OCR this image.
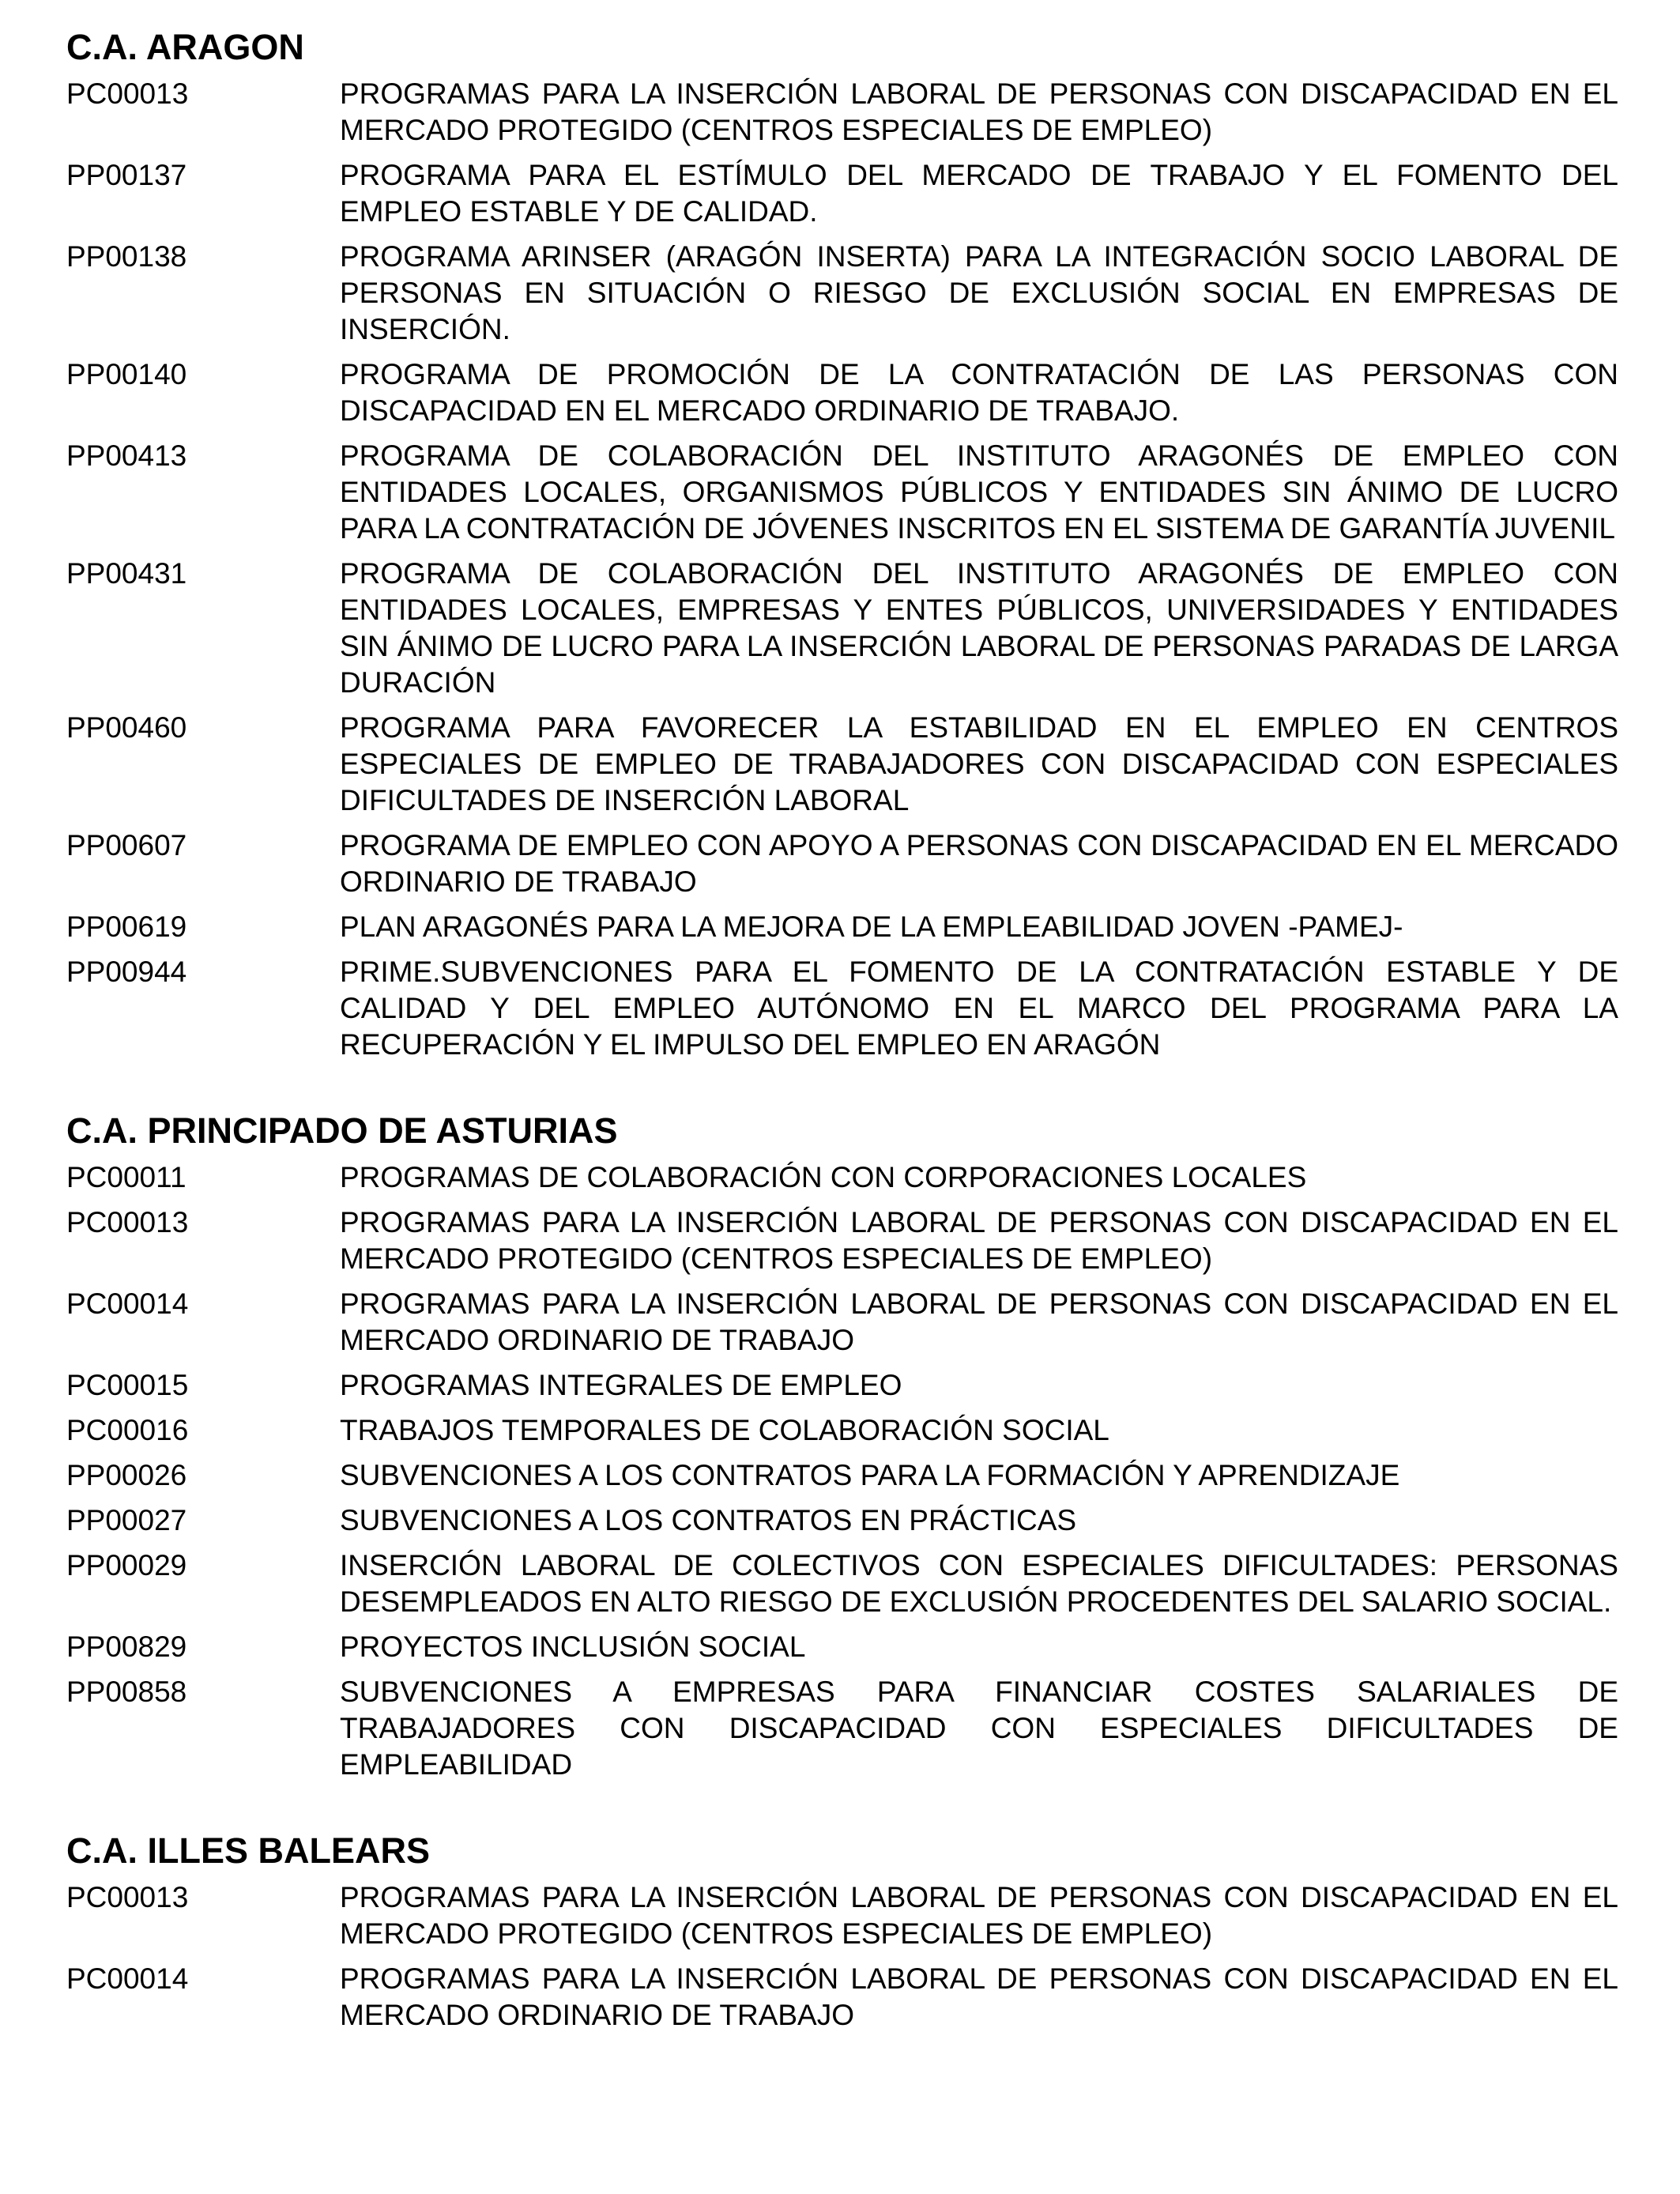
C.A. ARAGON
PC00013	PROGRAMAS PARA LA INSERCIÓN LABORAL DE PERSONAS CON DISCAPACIDAD EN EL MERCADO PROTEGIDO (CENTROS ESPECIALES DE EMPLEO)
PP00137	PROGRAMA PARA EL ESTÍMULO DEL MERCADO DE TRABAJO Y EL FOMENTO DEL EMPLEO ESTABLE Y DE CALIDAD.
PP00138	PROGRAMA ARINSER (ARAGÓN INSERTA) PARA LA INTEGRACIÓN SOCIO LABORAL DE PERSONAS EN SITUACIÓN O RIESGO DE EXCLUSIÓN SOCIAL EN EMPRESAS DE INSERCIÓN.
PP00140	PROGRAMA DE PROMOCIÓN DE LA CONTRATACIÓN DE LAS PERSONAS CON DISCAPACIDAD EN EL MERCADO ORDINARIO DE TRABAJO.
PP00413	PROGRAMA DE COLABORACIÓN DEL INSTITUTO ARAGONÉS DE EMPLEO CON ENTIDADES LOCALES, ORGANISMOS PÚBLICOS Y ENTIDADES SIN ÁNIMO DE LUCRO PARA LA CONTRATACIÓN DE JÓVENES INSCRITOS EN EL SISTEMA DE GARANTÍA JUVENIL
PP00431	PROGRAMA DE COLABORACIÓN DEL INSTITUTO ARAGONÉS DE EMPLEO CON ENTIDADES LOCALES, EMPRESAS Y ENTES PÚBLICOS, UNIVERSIDADES Y ENTIDADES SIN ÁNIMO DE LUCRO PARA LA INSERCIÓN LABORAL DE PERSONAS PARADAS DE LARGA DURACIÓN
PP00460	PROGRAMA PARA FAVORECER LA ESTABILIDAD EN EL EMPLEO EN CENTROS ESPECIALES DE EMPLEO DE TRABAJADORES CON DISCAPACIDAD CON ESPECIALES DIFICULTADES DE INSERCIÓN LABORAL
PP00607	PROGRAMA DE EMPLEO CON APOYO A PERSONAS CON DISCAPACIDAD EN EL MERCADO ORDINARIO DE TRABAJO
PP00619	PLAN ARAGONÉS PARA LA MEJORA DE LA EMPLEABILIDAD JOVEN -PAMEJ-
PP00944	PRIME.SUBVENCIONES PARA EL FOMENTO DE LA CONTRATACIÓN ESTABLE Y DE CALIDAD Y DEL EMPLEO AUTÓNOMO EN EL MARCO DEL PROGRAMA PARA LA RECUPERACIÓN Y EL IMPULSO DEL EMPLEO EN ARAGÓN
C.A. PRINCIPADO DE ASTURIAS
PC00011	PROGRAMAS DE COLABORACIÓN CON CORPORACIONES LOCALES
PC00013	PROGRAMAS PARA LA INSERCIÓN LABORAL DE PERSONAS CON DISCAPACIDAD EN EL MERCADO PROTEGIDO (CENTROS ESPECIALES DE EMPLEO)
PC00014	PROGRAMAS PARA LA INSERCIÓN LABORAL DE PERSONAS CON DISCAPACIDAD EN EL MERCADO ORDINARIO DE TRABAJO
PC00015	PROGRAMAS INTEGRALES DE EMPLEO
PC00016	TRABAJOS TEMPORALES DE COLABORACIÓN SOCIAL
PP00026	SUBVENCIONES A LOS CONTRATOS PARA LA FORMACIÓN Y APRENDIZAJE
PP00027	SUBVENCIONES A LOS CONTRATOS EN PRÁCTICAS
PP00029	INSERCIÓN LABORAL DE COLECTIVOS CON ESPECIALES DIFICULTADES: PERSONAS DESEMPLEADOS EN ALTO RIESGO DE EXCLUSIÓN PROCEDENTES DEL SALARIO SOCIAL.
PP00829	PROYECTOS INCLUSIÓN SOCIAL
PP00858	SUBVENCIONES A EMPRESAS PARA FINANCIAR COSTES SALARIALES DE TRABAJADORES CON DISCAPACIDAD CON ESPECIALES DIFICULTADES DE EMPLEABILIDAD
C.A. ILLES BALEARS
PC00013	PROGRAMAS PARA LA INSERCIÓN LABORAL DE PERSONAS CON DISCAPACIDAD EN EL MERCADO PROTEGIDO (CENTROS ESPECIALES DE EMPLEO)
PC00014	PROGRAMAS PARA LA INSERCIÓN LABORAL DE PERSONAS CON DISCAPACIDAD EN EL MERCADO ORDINARIO DE TRABAJO
